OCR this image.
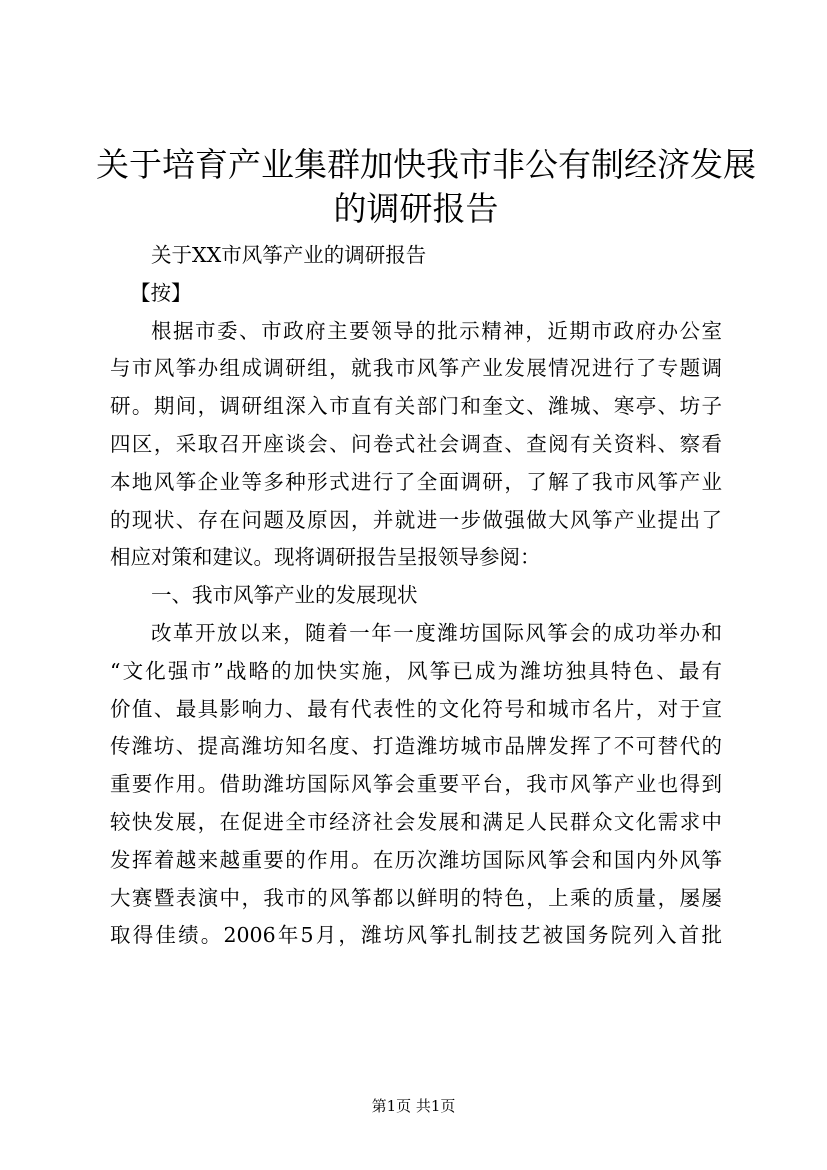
关于培育产业集群加快我市非公有制经济发展
的调研报告
关于XX市风筝产业的调研报告
【按】
根据市委、市政府主要领导的批示精神，近期市政府办公室
与市风筝办组成调研组，就我市风筝产业发展情况进行了专题调
研。期间，调研组深入市直有关部门和奎文、潍城、寒亭、坊子
四区，采取召开座谈会、问卷式社会调查、查阅有关资料、察看
本地风筝企业等多种形式进行了全面调研，了解了我市风筝产业
的现状、存在问题及原因，并就进一步做强做大风筝产业提出了
相应对策和建议。现将调研报告呈报领导参阅：
一、我市风筝产业的发展现状
改革开放以来，随着一年一度潍坊国际风筝会的成功举办和
“文化强市”战略的加快实施，风筝已成为潍坊独具特色、最有
价值、最具影响力、最有代表性的文化符号和城市名片，对于宣
传潍坊、提高潍坊知名度、打造潍坊城市品牌发挥了不可替代的
重要作用。借助潍坊国际风筝会重要平台，我市风筝产业也得到
较快发展，在促进全市经济社会发展和满足人民群众文化需求中
发挥着越来越重要的作用。在历次潍坊国际风筝会和国内外风筝
大赛暨表演中，我市的风筝都以鲜明的特色，上乘的质量，屡屡
取得佳绩。2006年5月，潍坊风筝扎制技艺被国务院列入首批
第1页 共1页
